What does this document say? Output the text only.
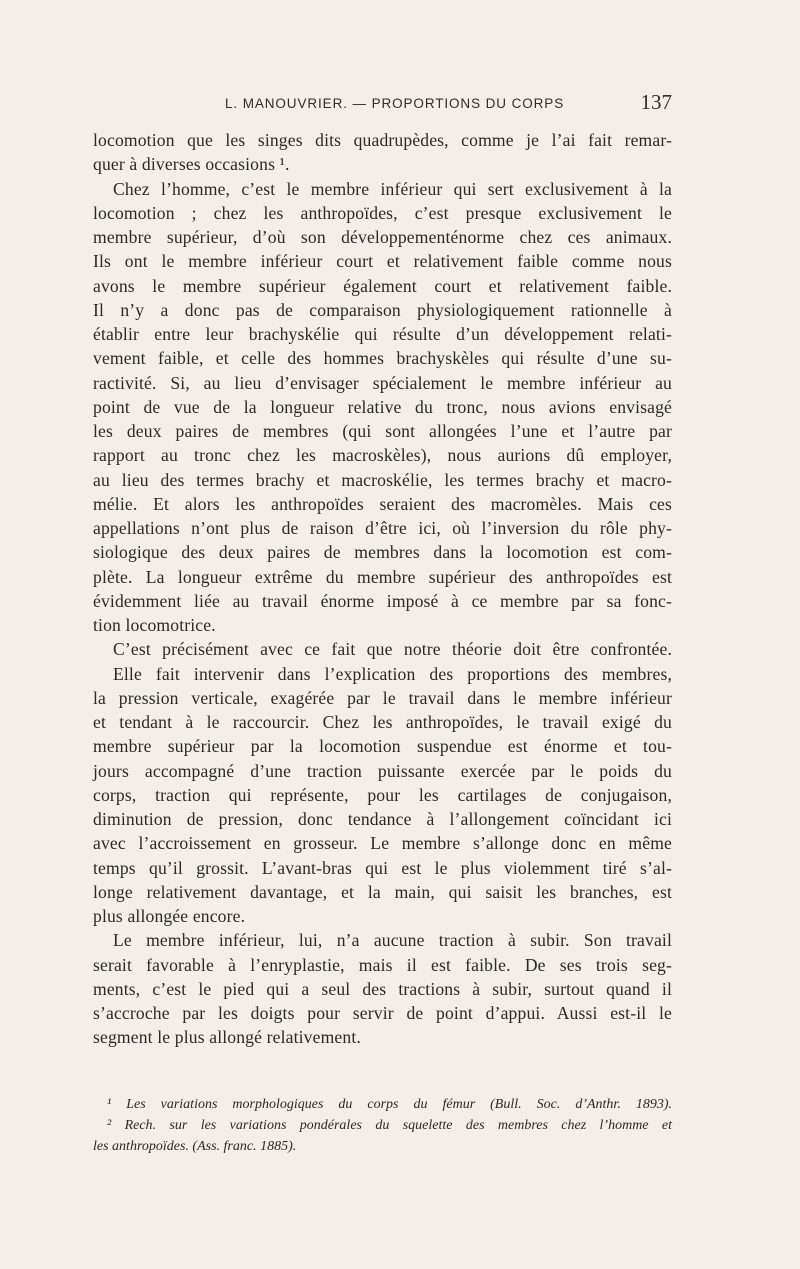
L. MANOUVRIER. — PROPORTIONS DU CORPS	137
locomotion que les singes dits quadrupèdes, comme je l’ai fait remar-
quer à diverses occasions ¹.
Chez l’homme, c’est le membre inférieur qui sert exclusivement à la
locomotion ; chez les anthropoïdes, c’est presque exclusivement le
membre supérieur, d’où son développementénorme chez ces animaux.
Ils ont le membre inférieur court et relativement faible comme nous
avons le membre supérieur également court et relativement faible.
Il n’y a donc pas de comparaison physiologiquement rationnelle à
établir entre leur brachyskélie qui résulte d’un développement relati-
vement faible, et celle des hommes brachyskèles qui résulte d’une su-
ractivité. Si, au lieu d’envisager spécialement le membre inférieur au
point de vue de la longueur relative du tronc, nous avions envisagé
les deux paires de membres (qui sont allongées l’une et l’autre par
rapport au tronc chez les macroskèles), nous aurions dû employer,
au lieu des termes brachy et macroskélie, les termes brachy et macro-
mélie. Et alors les anthropoïdes seraient des macromèles. Mais ces
appellations n’ont plus de raison d’être ici, où l’inversion du rôle phy-
siologique des deux paires de membres dans la locomotion est com-
plète. La longueur extrême du membre supérieur des anthropoïdes est
évidemment liée au travail énorme imposé à ce membre par sa fonc-
tion locomotrice.
C’est précisément avec ce fait que notre théorie doit être confrontée.
Elle fait intervenir dans l’explication des proportions des membres,
la pression verticale, exagérée par le travail dans le membre inférieur
et tendant à le raccourcir. Chez les anthropoïdes, le travail exigé du
membre supérieur par la locomotion suspendue est énorme et tou-
jours accompagné d’une traction puissante exercée par le poids du
corps, traction qui représente, pour les cartilages de conjugaison,
diminution de pression, donc tendance à l’allongement coïncidant ici
avec l’accroissement en grosseur. Le membre s’allonge donc en même
temps qu’il grossit. L’avant-bras qui est le plus violemment tiré s’al-
longe relativement davantage, et la main, qui saisit les branches, est
plus allongée encore.
Le membre inférieur, lui, n’a aucune traction à subir. Son travail
serait favorable à l’enryplastie, mais il est faible. De ses trois seg-
ments, c’est le pied qui a seul des tractions à subir, surtout quand il
s’accroche par les doigts pour servir de point d’appui. Aussi est-il le
segment le plus allongé relativement.
¹ Les variations morphologiques du corps du fémur (Bull. Soc. d’Anthr. 1893).
² Rech. sur les variations pondérales du squelette des membres chez l’homme et
les anthropoïdes. (Ass. franc. 1885).
